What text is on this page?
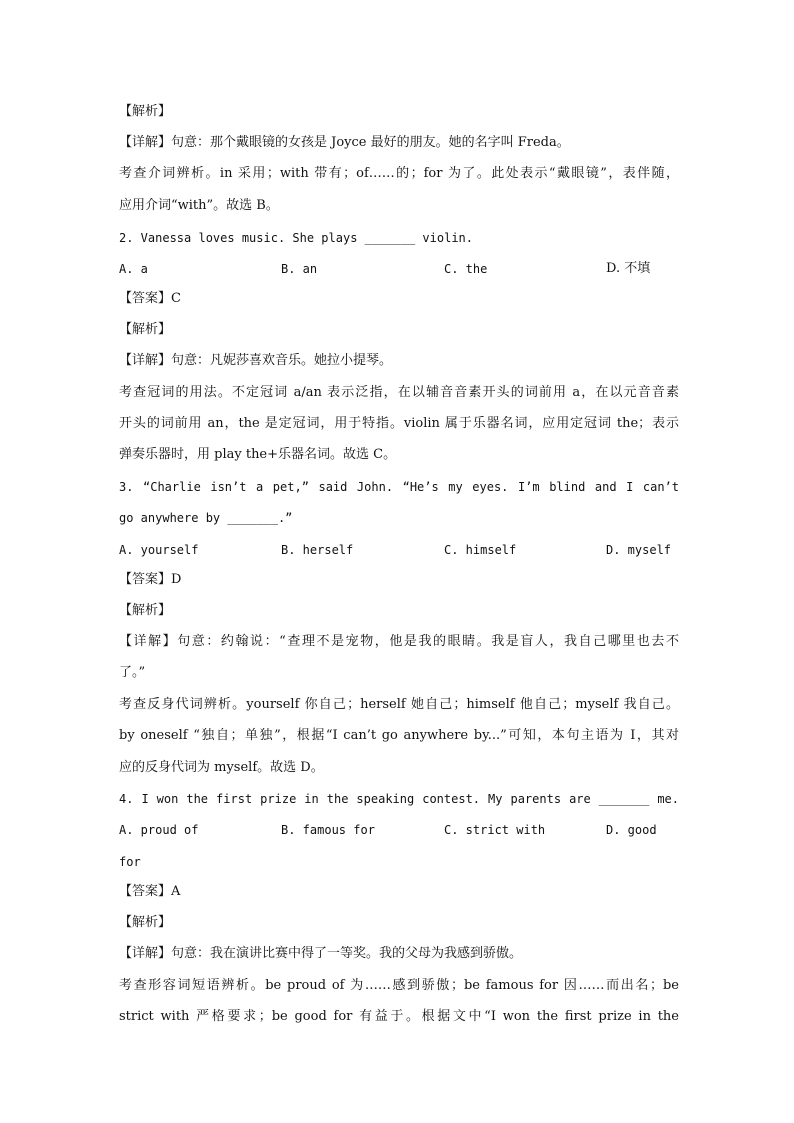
【解析】
【详解】句意：那个戴眼镜的女孩是 Joyce 最好的朋友。她的名字叫 Freda。
考查介词辨析。in 采用；with 带有；of……的；for 为了。此处表示“戴眼镜”，表伴随，
应用介词“with”。故选 B。
2. Vanessa loves music. She plays _______ violin.
A. a	B. an	C. the	D. 不填
【答案】C
【解析】
【详解】句意：凡妮莎喜欢音乐。她拉小提琴。
考查冠词的用法。不定冠词 a/an 表示泛指，在以辅音音素开头的词前用 a，在以元音音素
开头的词前用 an，the 是定冠词，用于特指。violin 属于乐器名词，应用定冠词 the；表示
弹奏乐器时，用 play the+乐器名词。故选 C。
3. “Charlie isn’t a pet,” said John. “He’s my eyes. I’m blind and I can’t
go anywhere by _______.”
A. yourself	B. herself	C. himself	D. myself
【答案】D
【解析】
【详解】句意：约翰说：“查理不是宠物，他是我的眼睛。我是盲人，我自己哪里也去不
了。”
考查反身代词辨析。yourself 你自己；herself 她自己；himself 他自己；myself 我自己。
by oneself “独自；单独”，根据“I can’t go anywhere by...”可知，本句主语为 I，其对
应的反身代词为 myself。故选 D。
4. I won the first prize in the speaking contest. My parents are _______ me.
A. proud of	B. famous for	C. strict with	D. good
for
【答案】A
【解析】
【详解】句意：我在演讲比赛中得了一等奖。我的父母为我感到骄傲。
考查形容词短语辨析。be proud of 为……感到骄傲；be famous for 因……而出名；be
strict with 严格要求；be good for 有益于。根据文中“I won the first prize in the
